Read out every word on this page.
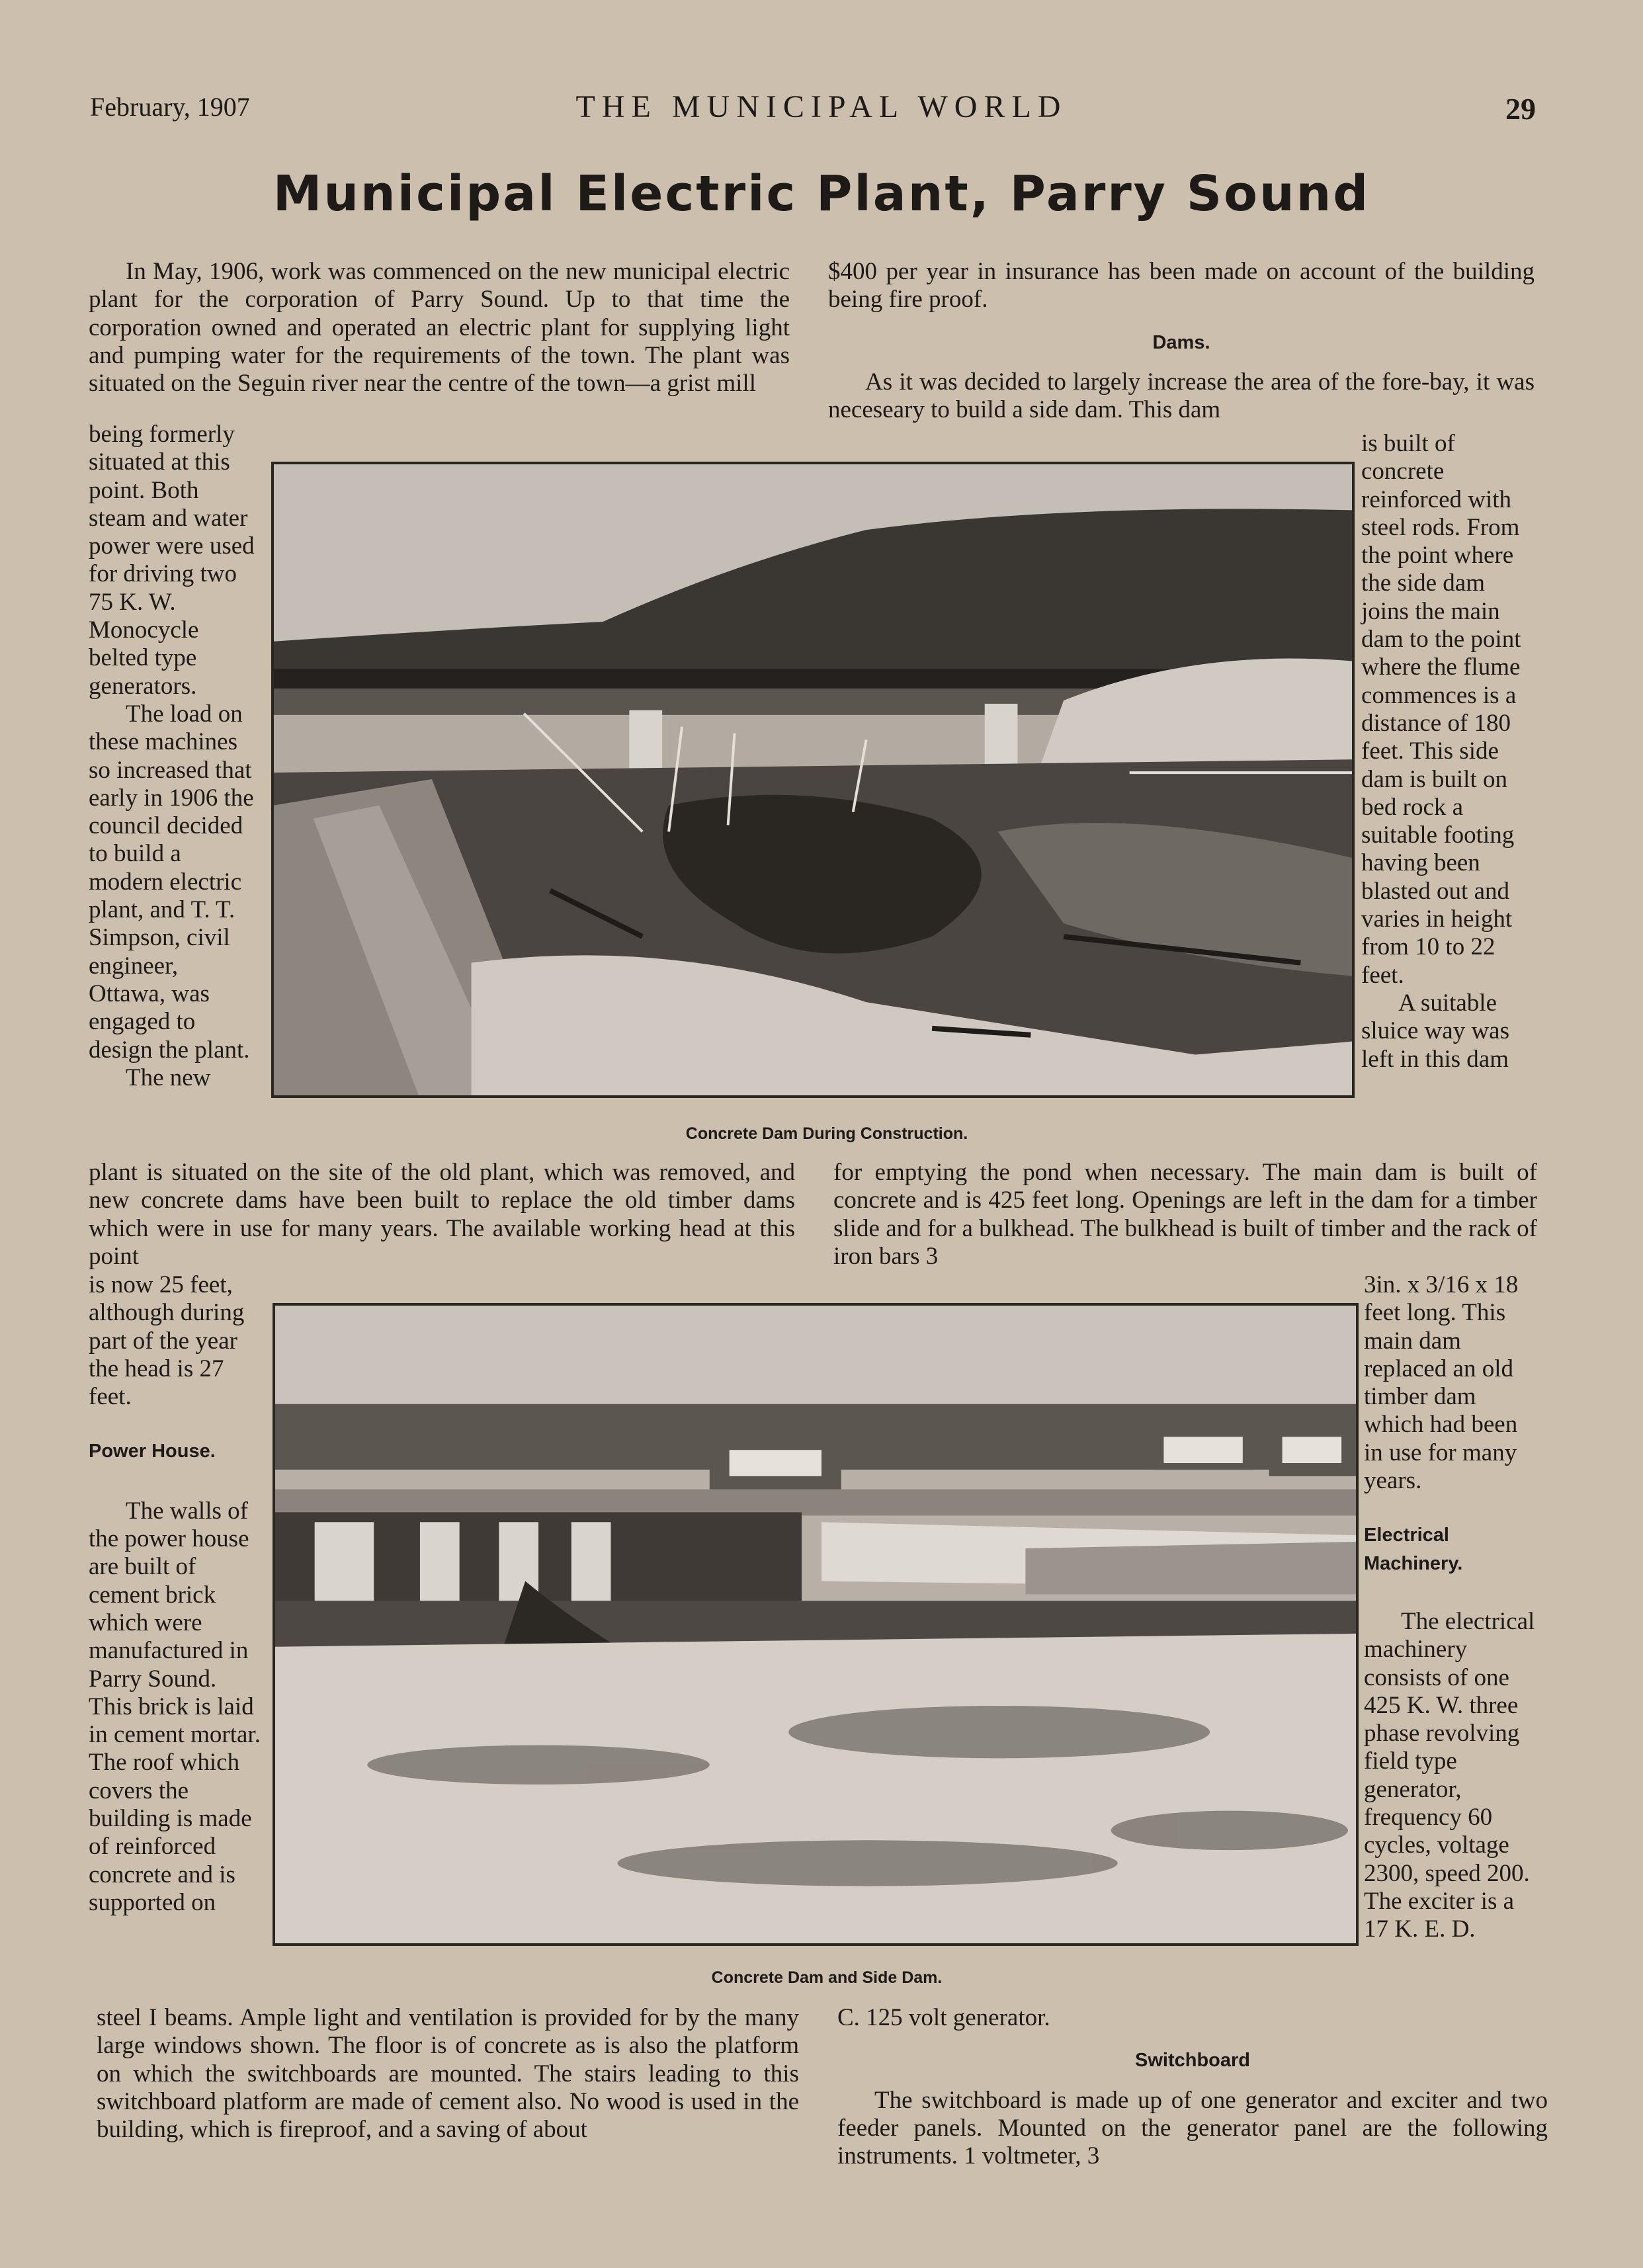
February, 1907	THE MUNICIPAL WORLD	29
Municipal Electric Plant, Parry Sound

In May, 1906, work was commenced on the new municipal electric plant for the corporation of Parry Sound. Up to that time the corporation owned and operated an electric plant for supplying light and pumping water for the requirements of the town. The plant was situated on the Seguin river near the centre of the town—a grist mill

$400 per year in insurance has been made on account of the building being fire proof.

Dams.

As it was decided to largely increase the area of the fore-bay, it was neceseary to build a side dam. This dam

being formerly situated at this point. Both steam and water power were used for driving two 75 K. W. Monocycle belted type generators.

The load on these machines so increased that early in 1906 the council decided to build a modern electric plant, and T. T. Simpson, civil engineer, Ottawa, was engaged to design the plant.

The new

is built of concrete reinforced with steel rods. From the point where the side dam joins the main dam to the point where the flume commences is a distance of 180 feet. This side dam is built on bed rock a suitable footing having been blasted out and varies in height from 10 to 22 feet.

A suitable sluice way was left in this dam

Concrete Dam During Construction.

plant is situated on the site of the old plant, which was removed, and new concrete dams have been built to replace the old timber dams which were in use for many years. The available working head at this point

for emptying the pond when necessary. The main dam is built of concrete and is 425 feet long. Openings are left in the dam for a timber slide and for a bulkhead. The bulkhead is built of timber and the rack of iron bars 3

is now 25 feet, although during part of the year the head is 27 feet.

Power House.

The walls of the power house are built of cement brick which were manufactured in Parry Sound. This brick is laid in cement mortar. The roof which covers the building is made of reinforced concrete and is supported on

3in. x 3/16 x 18 feet long. This main dam replaced an old timber dam which had been in use for many years.

Electrical Machinery.

The electrical machinery consists of one 425 K. W. three phase revolving field type generator, frequency 60 cycles, voltage 2300, speed 200. The exciter is a 17 K. E. D.

Concrete Dam and Side Dam.

steel I beams. Ample light and ventilation is provided for by the many large windows shown. The floor is of concrete as is also the platform on which the switchboards are mounted. The stairs leading to this switchboard platform are made of cement also. No wood is used in the building, which is fireproof, and a saving of about

C. 125 volt generator.

Switchboard

The switchboard is made up of one generator and exciter and two feeder panels. Mounted on the generator panel are the following instruments. 1 voltmeter, 3
